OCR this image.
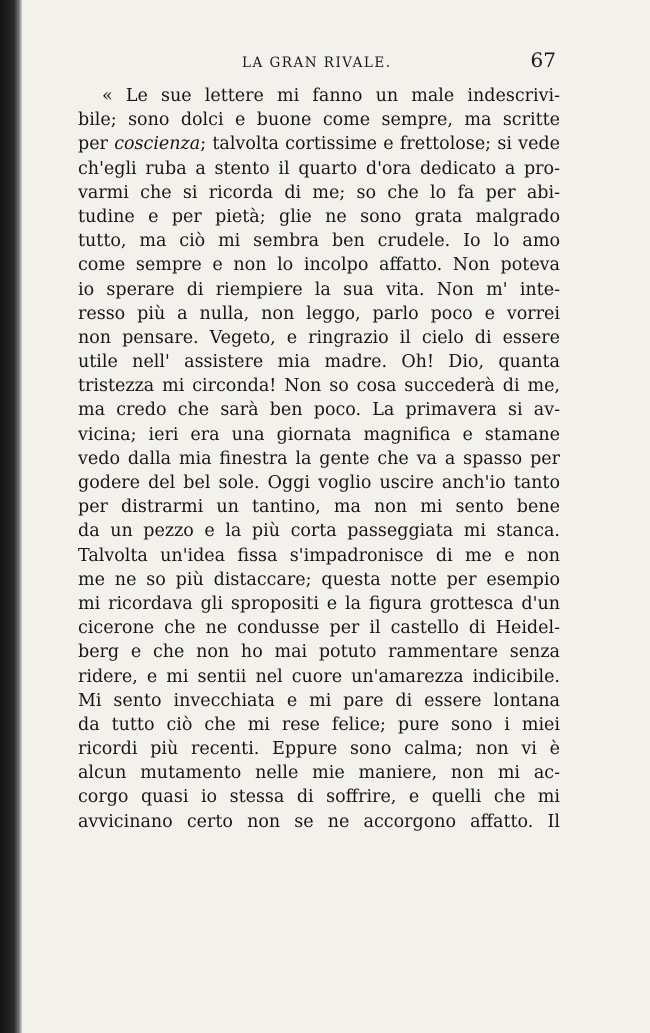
LA GRAN RIVALE.	67
« Le sue lettere mi fanno un male indescrivi-
bile; sono dolci e buone come sempre, ma scritte
per coscienza; talvolta cortissime e frettolose; si vede
ch'egli ruba a stento il quarto d'ora dedicato a pro-
varmi che si ricorda di me; so che lo fa per abi-
tudine e per pietà; glie ne sono grata malgrado
tutto, ma ciò mi sembra ben crudele. Io lo amo
come sempre e non lo incolpo affatto. Non poteva
io sperare di riempiere la sua vita. Non m' inte-
resso più a nulla, non leggo, parlo poco e vorrei
non pensare. Vegeto, e ringrazio il cielo di essere
utile nell' assistere mia madre. Oh! Dio, quanta
tristezza mi circonda! Non so cosa succederà di me,
ma credo che sarà ben poco. La primavera si av-
vicina; ieri era una giornata magnifica e stamane
vedo dalla mia finestra la gente che va a spasso per
godere del bel sole. Oggi voglio uscire anch'io tanto
per distrarmi un tantino, ma non mi sento bene
da un pezzo e la più corta passeggiata mi stanca.
Talvolta un'idea fissa s'impadronisce di me e non
me ne so più distaccare; questa notte per esempio
mi ricordava gli spropositi e la figura grottesca d'un
cicerone che ne condusse per il castello di Heidel-
berg e che non ho mai potuto rammentare senza
ridere, e mi sentii nel cuore un'amarezza indicibile.
Mi sento invecchiata e mi pare di essere lontana
da tutto ciò che mi rese felice; pure sono i miei
ricordi più recenti. Eppure sono calma; non vi è
alcun mutamento nelle mie maniere, non mi ac-
corgo quasi io stessa di soffrire, e quelli che mi
avvicinano certo non se ne accorgono affatto. Il
